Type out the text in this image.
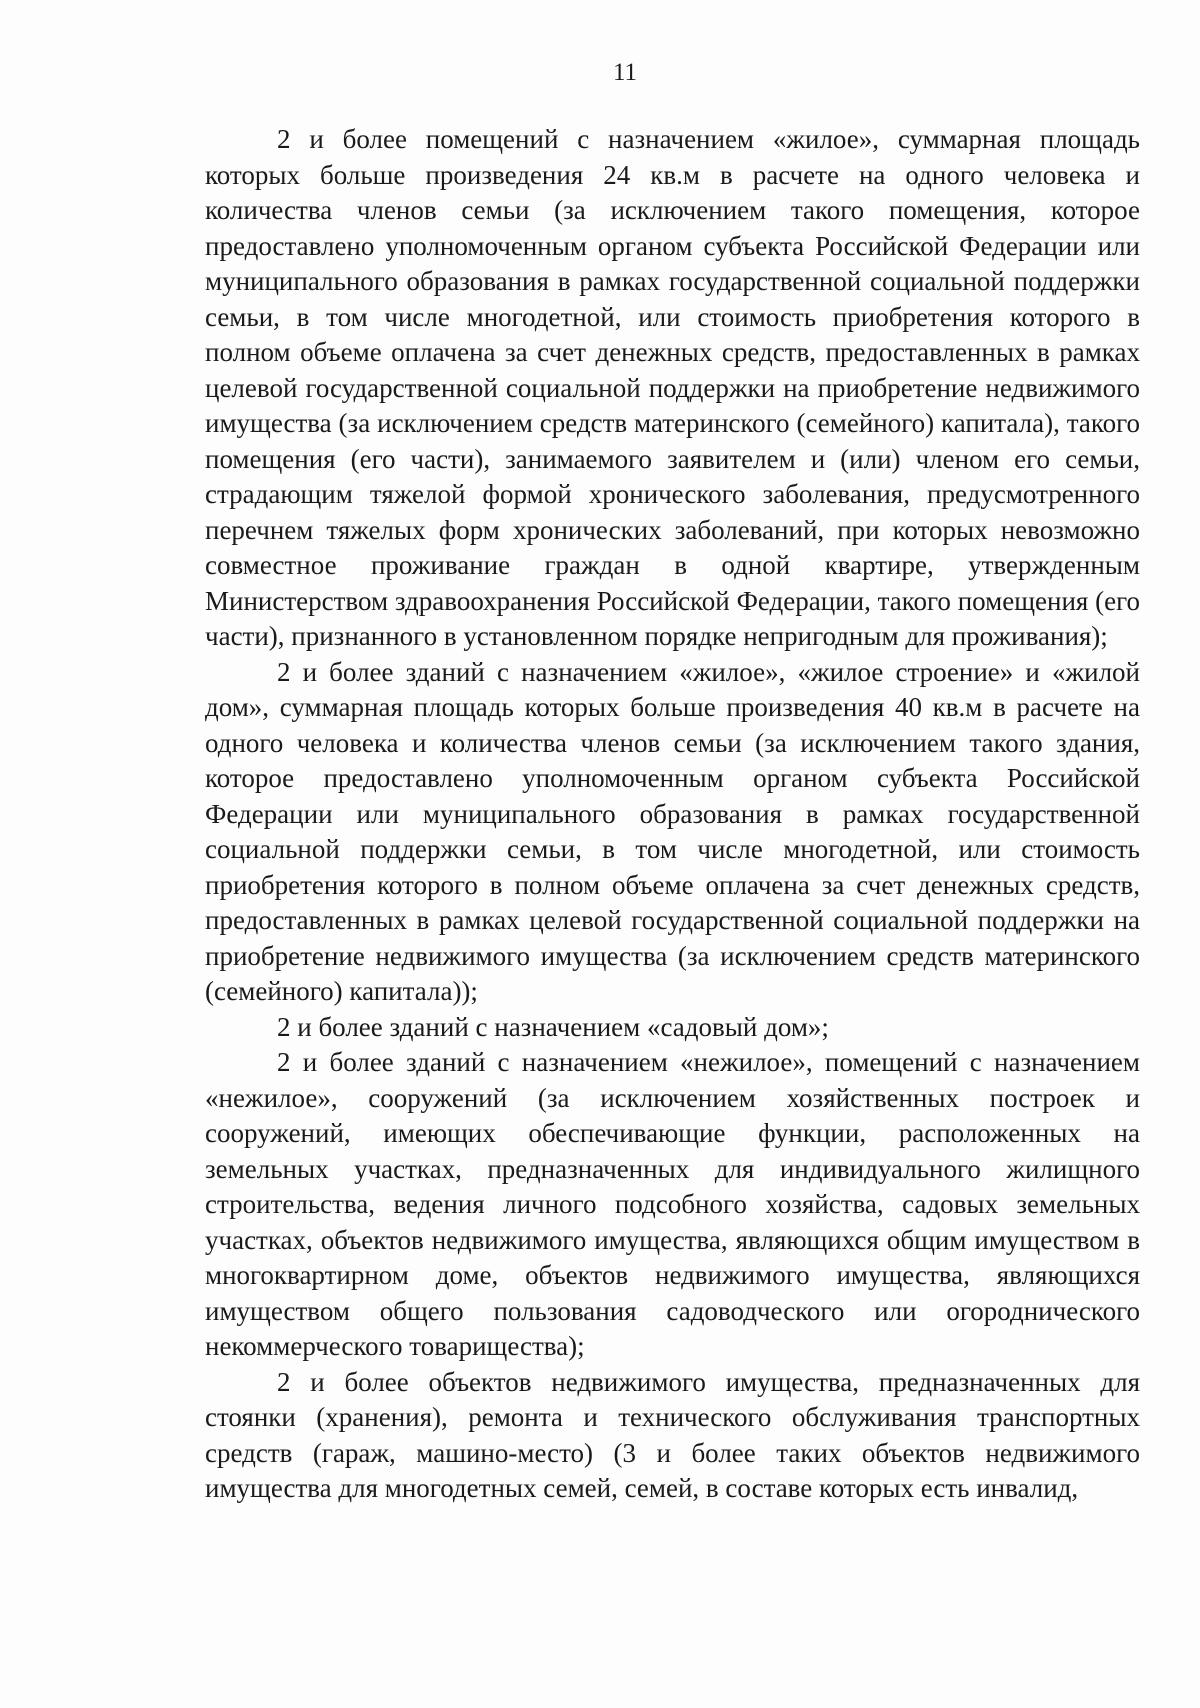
11

2 и более помещений с назначением «жилое», суммарная площадь которых больше произведения 24 кв.м в расчете на одного человека и количества членов семьи (за исключением такого помещения, которое предоставлено уполномоченным органом субъекта Российской Федерации или муниципального образования в рамках государственной социальной поддержки семьи, в том числе многодетной, или стоимость приобретения которого в полном объеме оплачена за счет денежных средств, предоставленных в рамках целевой государственной социальной поддержки на приобретение недвижимого имущества (за исключением средств материнского (семейного) капитала), такого помещения (его части), занимаемого заявителем и (или) членом его семьи, страдающим тяжелой формой хронического заболевания, предусмотренного перечнем тяжелых форм хронических заболеваний, при которых невозможно совместное проживание граждан в одной квартире, утвержденным Министерством здравоохранения Российской Федерации, такого помещения (его части), признанного в установленном порядке непригодным для проживания);

2 и более зданий с назначением «жилое», «жилое строение» и «жилой дом», суммарная площадь которых больше произведения 40 кв.м в расчете на одного человека и количества членов семьи (за исключением такого здания, которое предоставлено уполномоченным органом субъекта Российской Федерации или муниципального образования в рамках государственной социальной поддержки семьи, в том числе многодетной, или стоимость приобретения которого в полном объеме оплачена за счет денежных средств, предоставленных в рамках целевой государственной социальной поддержки на приобретение недвижимого имущества (за исключением средств материнского (семейного) капитала));

2 и более зданий с назначением «садовый дом»;

2 и более зданий с назначением «нежилое», помещений с назначением «нежилое», сооружений (за исключением хозяйственных построек и сооружений, имеющих обеспечивающие функции, расположенных на земельных участках, предназначенных для индивидуального жилищного строительства, ведения личного подсобного хозяйства, садовых земельных участках, объектов недвижимого имущества, являющихся общим имуществом в многоквартирном доме, объектов недвижимого имущества, являющихся имуществом общего пользования садоводческого или огороднического некоммерческого товарищества);

2 и более объектов недвижимого имущества, предназначенных для стоянки (хранения), ремонта и технического обслуживания транспортных средств (гараж, машино-место) (3 и более таких объектов недвижимого имущества для многодетных семей, семей, в составе которых есть инвалид,
